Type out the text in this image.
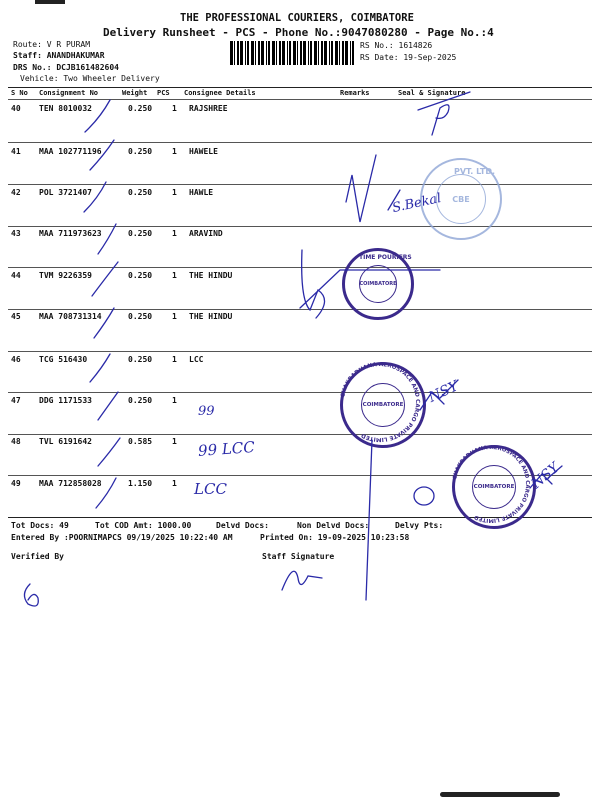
THE PROFESSIONAL COURIERS, COIMBATORE
Delivery Runsheet - PCS - Phone No.:9047080280 - Page No.:4
Route: V R PURAM
Staff: ANANDHAKUMAR
DRS No.: DCJB161482604
Vehicle: Two Wheeler Delivery
RS No.: 1614826
RS Date: 19-Sep-2025
S No Consignment No	Weight PCS Consignee Details	Remarks	Seal & Signature
40 TEN 8010032	0.250 1 RAJSHREE
41 MAA 102771196	0.250 1 HAWELE
42 POL 3721407	0.250 1 HAWLE
43 MAA 711973623	0.250 1 ARAVIND
44 TVM 9226359	0.250 1 THE HINDU
45 MAA 708731314	0.250 1 THE HINDU
46 TCG 516430	0.250 1 LCC
47 DDG 1171533	0.250 1
48 TVL 6191642	0.585 1
49 MAA 712858028	1.150 1
Tot Docs: 49	Tot COD Amt: 1000.00	Delvd Docs:	Non Delvd Docs:	Delvy Pts:
Entered By :POORNIMAPCS 09/19/2025 10:22:40 AM	Printed On: 19-09-2025 10:23:58
Verified By	Staff Signature
CBE
PVT. LTD.
COIMBATORE
TIME POURIERS
COIMBATORE
COIMBATORE
CHAKRADHANA AEROSPACE AND CARGO PRIVATE LIMITED
CHAKRADHANA AEROSPACE AND CARGO PRIVATE LIMITED
S.Bekal
99
99 LCC
LCC
NSY
NSY
